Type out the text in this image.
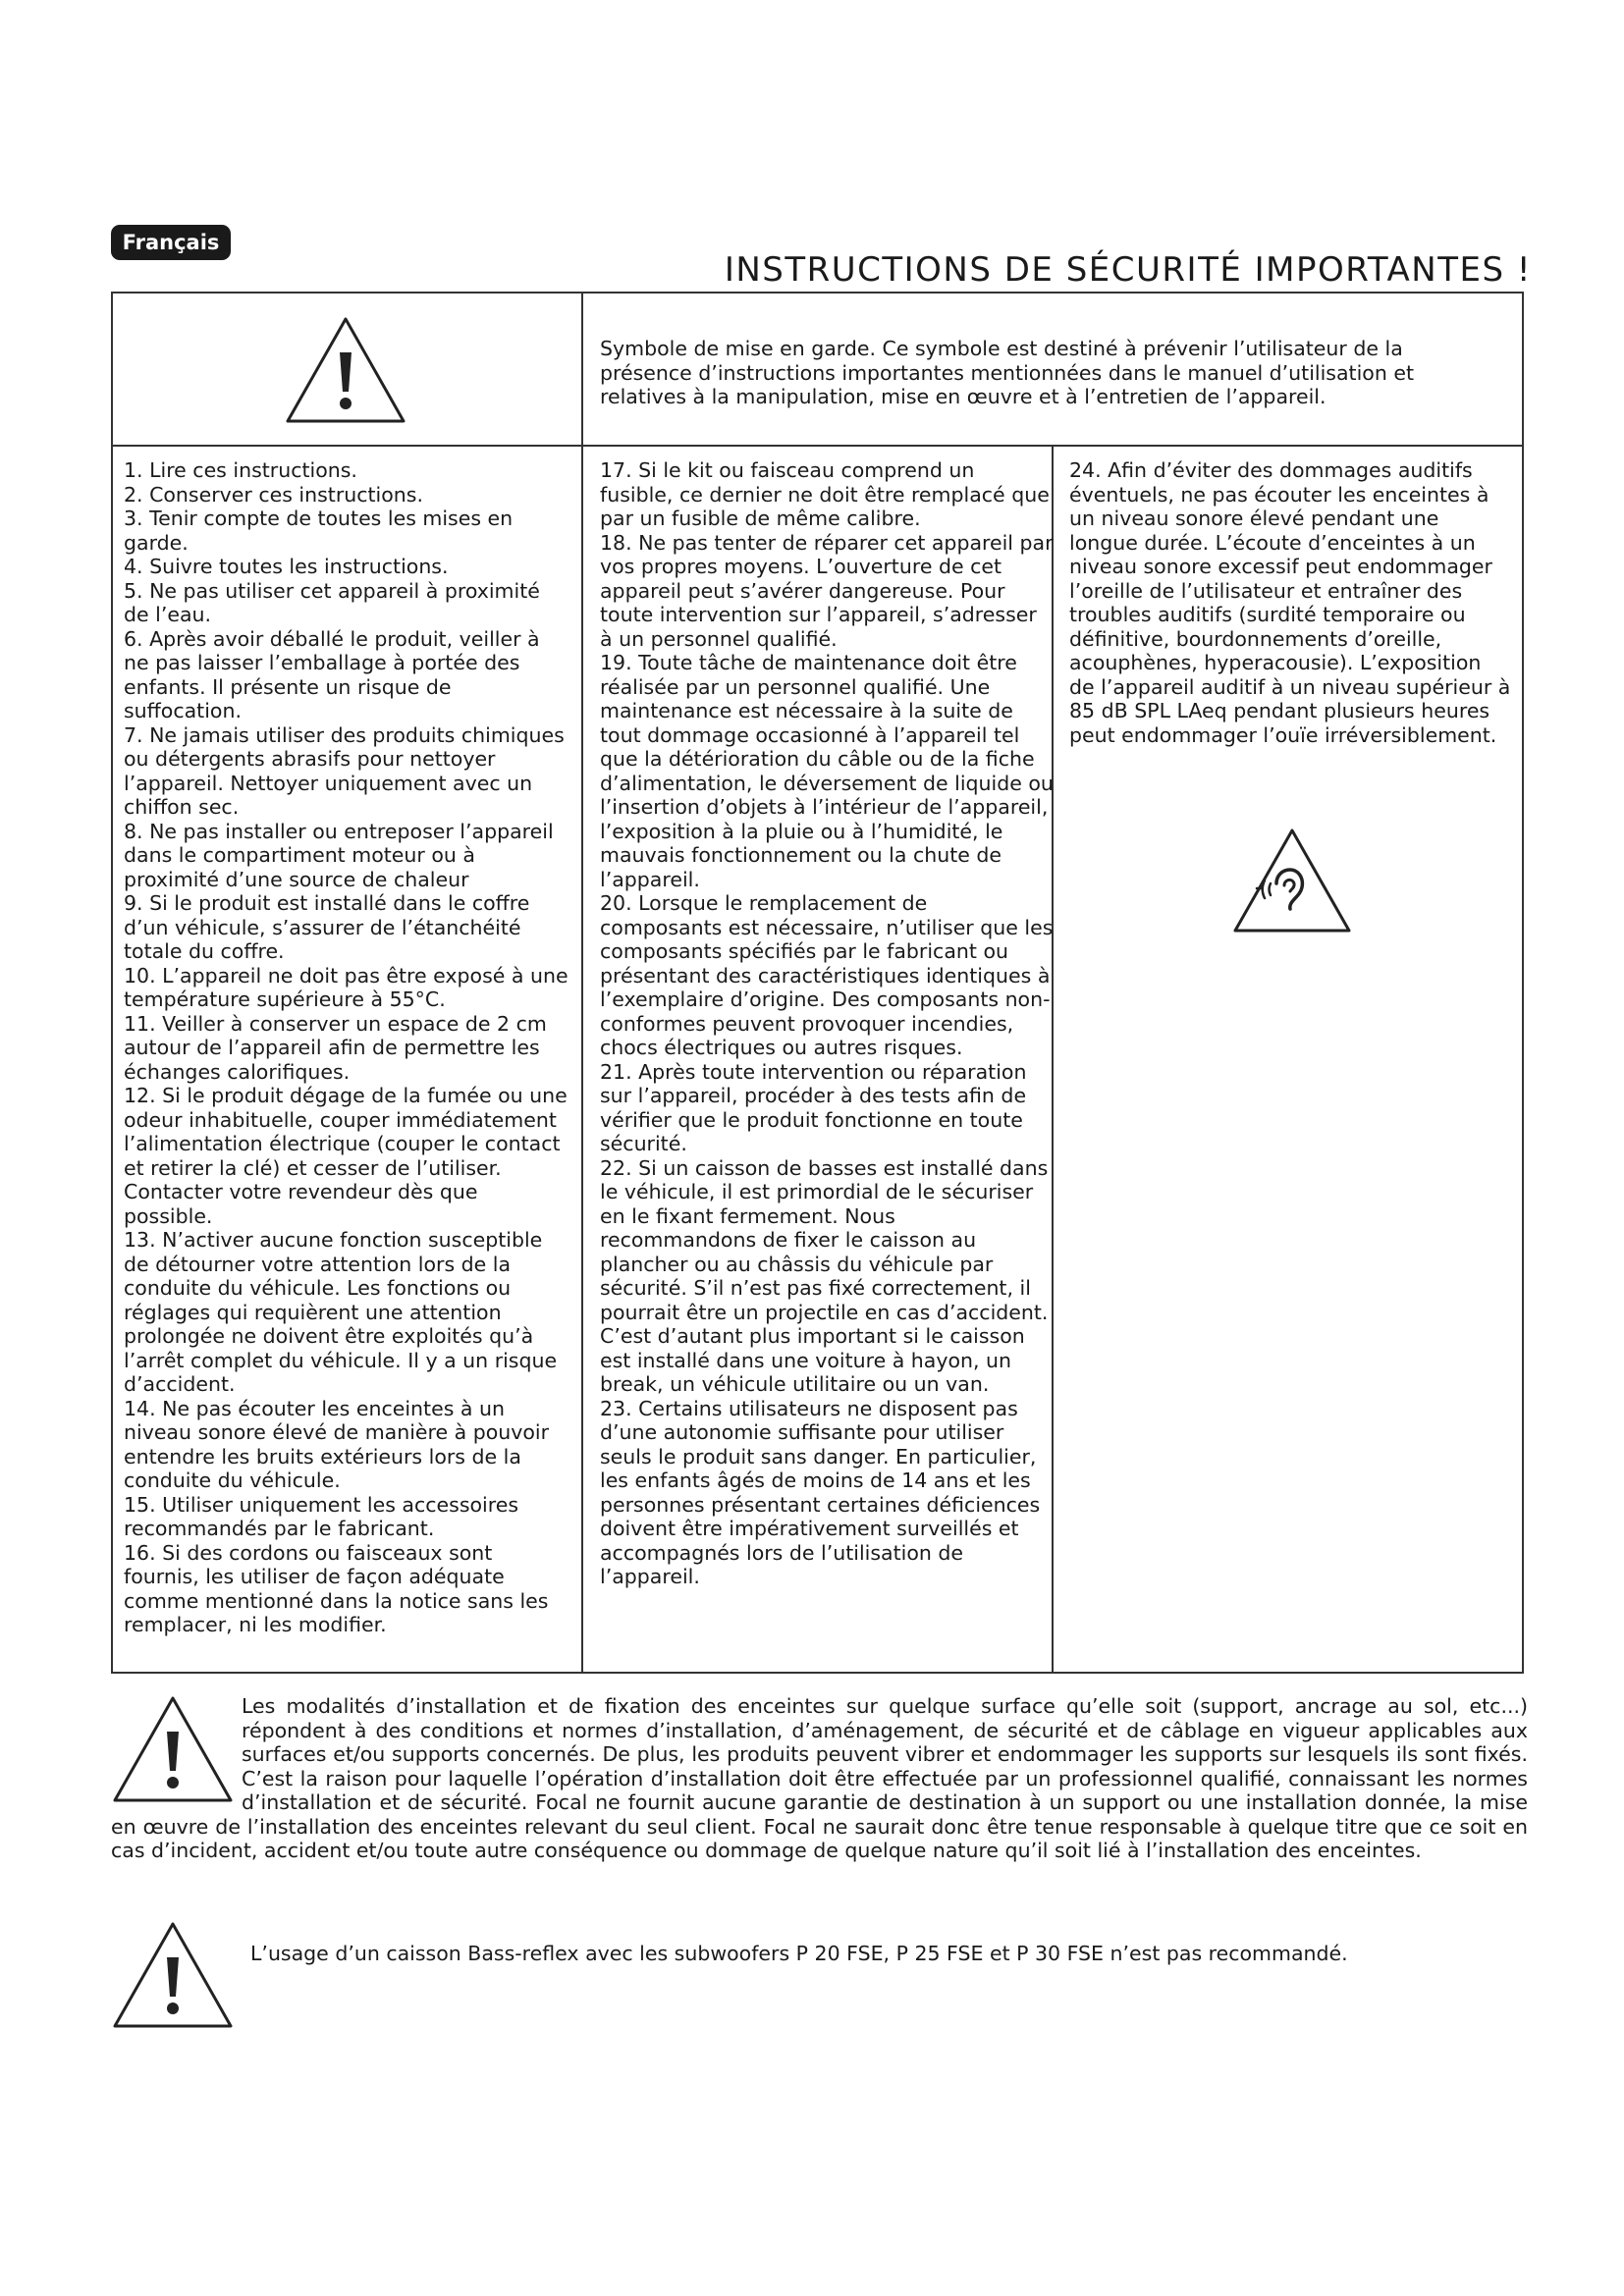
Français
INSTRUCTIONS DE SÉCURITÉ IMPORTANTES !
Symbole de mise en garde. Ce symbole est destiné à prévenir l’utilisateur de la présence d’instructions importantes mentionnées dans le manuel d’utilisation et relatives à la manipulation, mise en œuvre et à l’entretien de l’appareil.

1. Lire ces instructions.

2. Conserver ces instructions.

3. Tenir compte de toutes les mises en garde.

4. Suivre toutes les instructions.

5. Ne pas utiliser cet appareil à proximité de l’eau.

6. Après avoir déballé le produit, veiller à ne pas laisser l’emballage à portée des enfants. Il présente un risque de suffocation.

7. Ne jamais utiliser des produits chimiques ou détergents abrasifs pour nettoyer l’appareil. Nettoyer uniquement avec un chiffon sec.

8. Ne pas installer ou entreposer l’appareil dans le compartiment moteur ou à proximité d’une source de chaleur

9. Si le produit est installé dans le coffre d’un véhicule, s’assurer de l’étanchéité totale du coffre.

10. L’appareil ne doit pas être exposé à une température supérieure à 55°C.

11. Veiller à conserver un espace de 2 cm autour de l’appareil afin de permettre les échanges calorifiques.

12. Si le produit dégage de la fumée ou une odeur inhabituelle, couper immédiatement l’alimentation électrique (couper le contact et retirer la clé) et cesser de l’utiliser. Contacter votre revendeur dès que possible.

13. N’activer aucune fonction susceptible de détourner votre attention lors de la conduite du véhicule. Les fonctions ou réglages qui requièrent une attention prolongée ne doivent être exploités qu’à l’arrêt complet du véhicule. Il y a un risque d’accident.

14. Ne pas écouter les enceintes à un niveau sonore élevé de manière à pouvoir entendre les bruits extérieurs lors de la conduite du véhicule.

15. Utiliser uniquement les accessoires recommandés par le fabricant.

16. Si des cordons ou faisceaux sont fournis, les utiliser de façon adéquate comme mentionné dans la notice sans les remplacer, ni les modifier.

17. Si le kit ou faisceau comprend un fusible, ce dernier ne doit être remplacé que par un fusible de même calibre.

18. Ne pas tenter de réparer cet appareil par vos propres moyens. L’ouverture de cet appareil peut s’avérer dangereuse. Pour toute intervention sur l’appareil, s’adresser à un personnel qualifié.

19. Toute tâche de maintenance doit être réalisée par un personnel qualifié. Une maintenance est nécessaire à la suite de tout dommage occasionné à l’appareil tel que la détérioration du câble ou de la fiche d’alimentation, le déversement de liquide ou l’insertion d’objets à l’intérieur de l’appareil, l’exposition à la pluie ou à l’humidité, le mauvais fonctionnement ou la chute de l’appareil.

20. Lorsque le remplacement de composants est nécessaire, n’utiliser que les composants spécifiés par le fabricant ou présentant des caractéristiques identiques à l’exemplaire d’origine. Des composants non-conformes peuvent provoquer incendies, chocs électriques ou autres risques.

21. Après toute intervention ou réparation sur l’appareil, procéder à des tests afin de vérifier que le produit fonctionne en toute sécurité.

22. Si un caisson de basses est installé dans le véhicule, il est primordial de le sécuriser en le fixant fermement. Nous recommandons de fixer le caisson au plancher ou au châssis du véhicule par sécurité. S’il n’est pas fixé correctement, il pourrait être un projectile en cas d’accident. C’est d’autant plus important si le caisson est installé dans une voiture à hayon, un break, un véhicule utilitaire ou un van.

23. Certains utilisateurs ne disposent pas d’une autonomie suffisante pour utiliser seuls le produit sans danger. En particulier, les enfants âgés de moins de 14 ans et les personnes présentant certaines déficiences doivent être impérativement surveillés et accompagnés lors de l’utilisation de l’appareil.

24. Afin d’éviter des dommages auditifs éventuels, ne pas écouter les enceintes à un niveau sonore élevé pendant une longue durée. L’écoute d’enceintes à un niveau sonore excessif peut endommager l’oreille de l’utilisateur et entraîner des troubles auditifs (surdité temporaire ou définitive, bourdonnements d’oreille, acouphènes, hyperacousie). L’exposition de l’appareil auditif à un niveau supérieur à 85 dB SPL LAeq pendant plusieurs heures peut endommager l’ouïe irréversiblement.

Les modalités d’installation et de fixation des enceintes sur quelque surface qu’elle soit (support, ancrage au sol, etc...) répondent à des conditions et normes d’installation, d’aménagement, de sécurité et de câblage en vigueur applicables aux surfaces et/ou supports concernés. De plus, les produits peuvent vibrer et endommager les supports sur lesquels ils sont fixés. C’est la raison pour laquelle l’opération d’installation doit être effectuée par un professionnel qualifié, connaissant les normes d’installation et de sécurité. Focal ne fournit aucune garantie de destination à un support ou une installation donnée, la mise en œuvre de l’installation des enceintes relevant du seul client. Focal ne saurait donc être tenue responsable à quelque titre que ce soit en cas d’incident, accident et/ou toute autre conséquence ou dommage de quelque nature qu’il soit lié à l’installation des enceintes.

L’usage d’un caisson Bass-reflex avec les subwoofers P 20 FSE, P 25 FSE et P 30 FSE n’est pas recommandé.
